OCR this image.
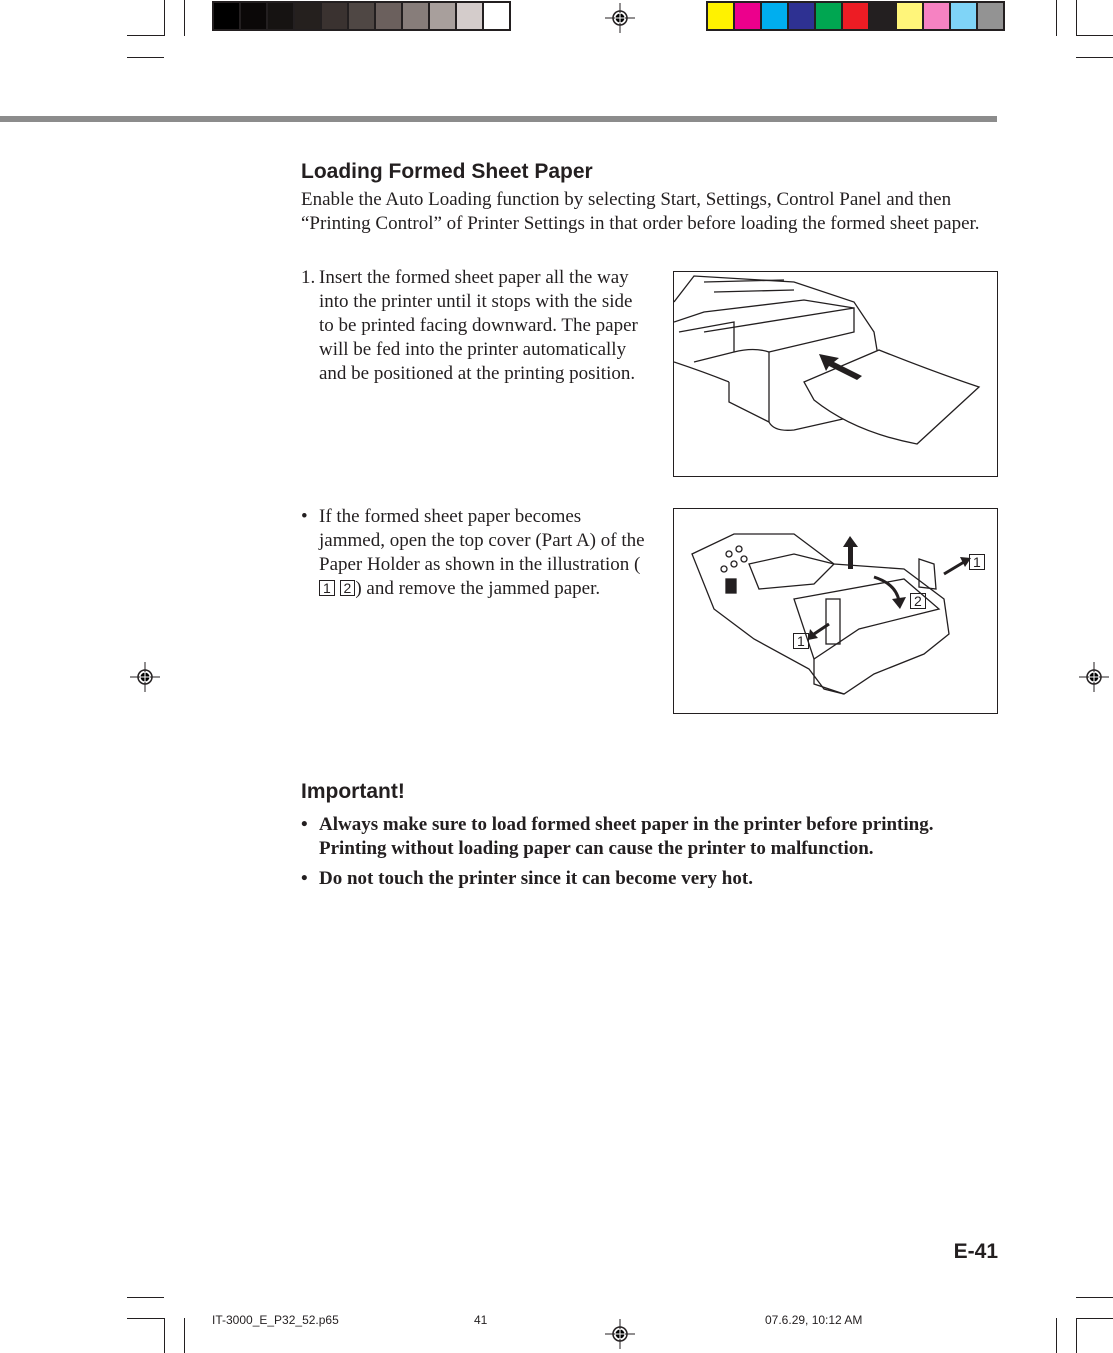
Loading Formed Sheet Paper
Enable the Auto Loading function by selecting Start, Settings, Control Panel and then “Printing Control” of Printer Settings in that order before loading the formed sheet paper.
1. Insert the formed sheet paper all the way into the printer until it stops with the side to be printed facing downward. The paper will be fed into the printer automatically and be positioned at the printing position.
• If the formed sheet paper becomes jammed, open the top cover (Part A) of the Paper Holder as shown in the illustration (1 2 ) and remove the jammed paper.
1
2
1
Important!
• Always make sure to load formed sheet paper in the printer before printing. Printing without loading paper can cause the printer to malfunction.
• Do not touch the printer since it can become very hot.
E-41
IT-3000_E_P32_52.p65	41	07.6.29, 10:12 AM
